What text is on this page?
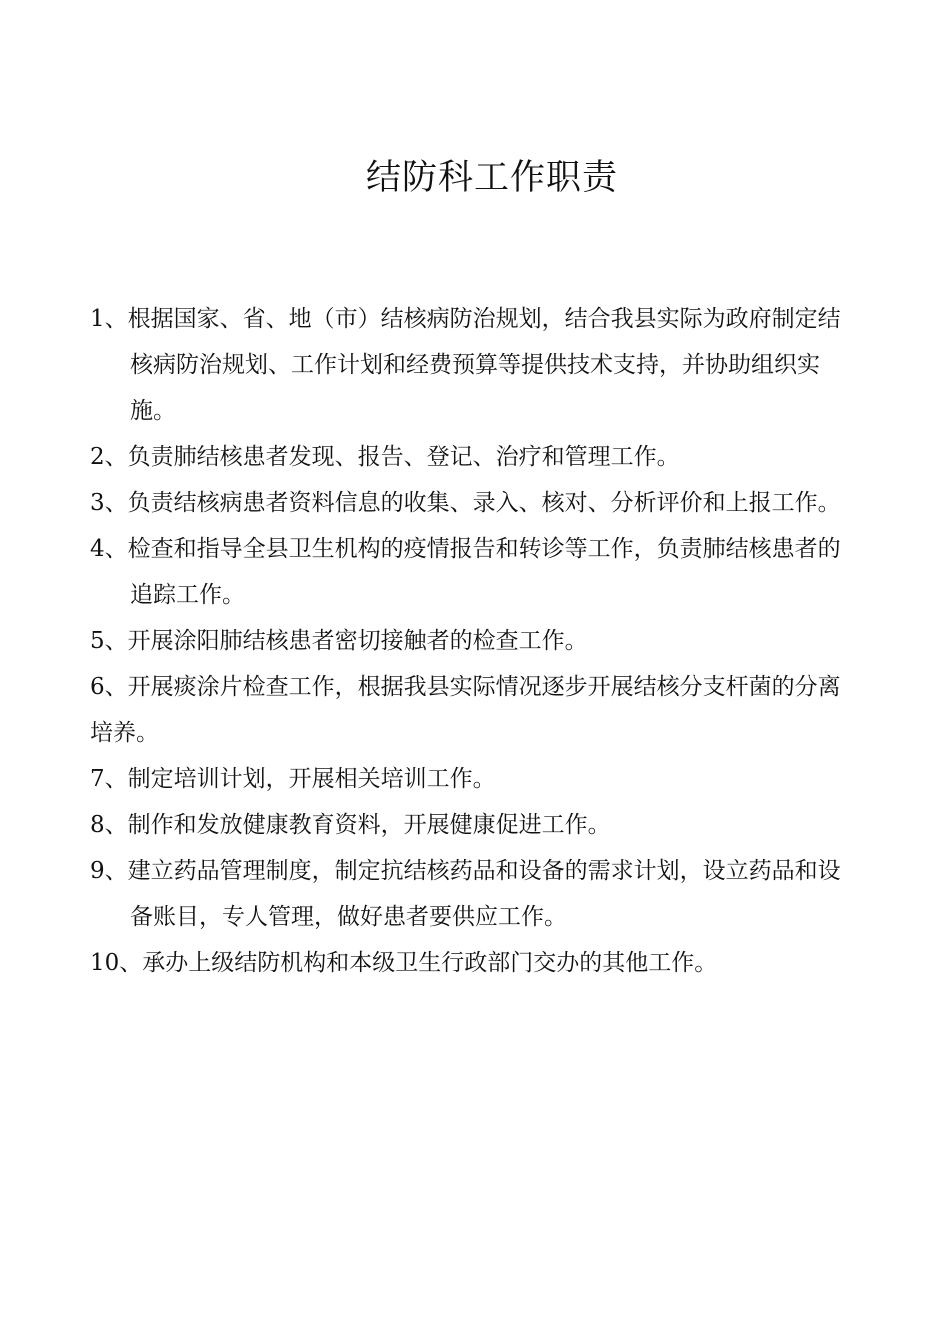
结防科工作职责
1、根据国家、省、地（市）结核病防治规划，结合我县实际为政府制定结核病防治规划、工作计划和经费预算等提供技术支持，并协助组织实施。
2、负责肺结核患者发现、报告、登记、治疗和管理工作。
3、负责结核病患者资料信息的收集、录入、核对、分析评价和上报工作。
4、检查和指导全县卫生机构的疫情报告和转诊等工作，负责肺结核患者的追踪工作。
5、开展涂阳肺结核患者密切接触者的检查工作。
6、开展痰涂片检查工作，根据我县实际情况逐步开展结核分支杆菌的分离培养。
7、制定培训计划，开展相关培训工作。
8、制作和发放健康教育资料，开展健康促进工作。
9、建立药品管理制度，制定抗结核药品和设备的需求计划，设立药品和设备账目，专人管理，做好患者要供应工作。
10、承办上级结防机构和本级卫生行政部门交办的其他工作。
